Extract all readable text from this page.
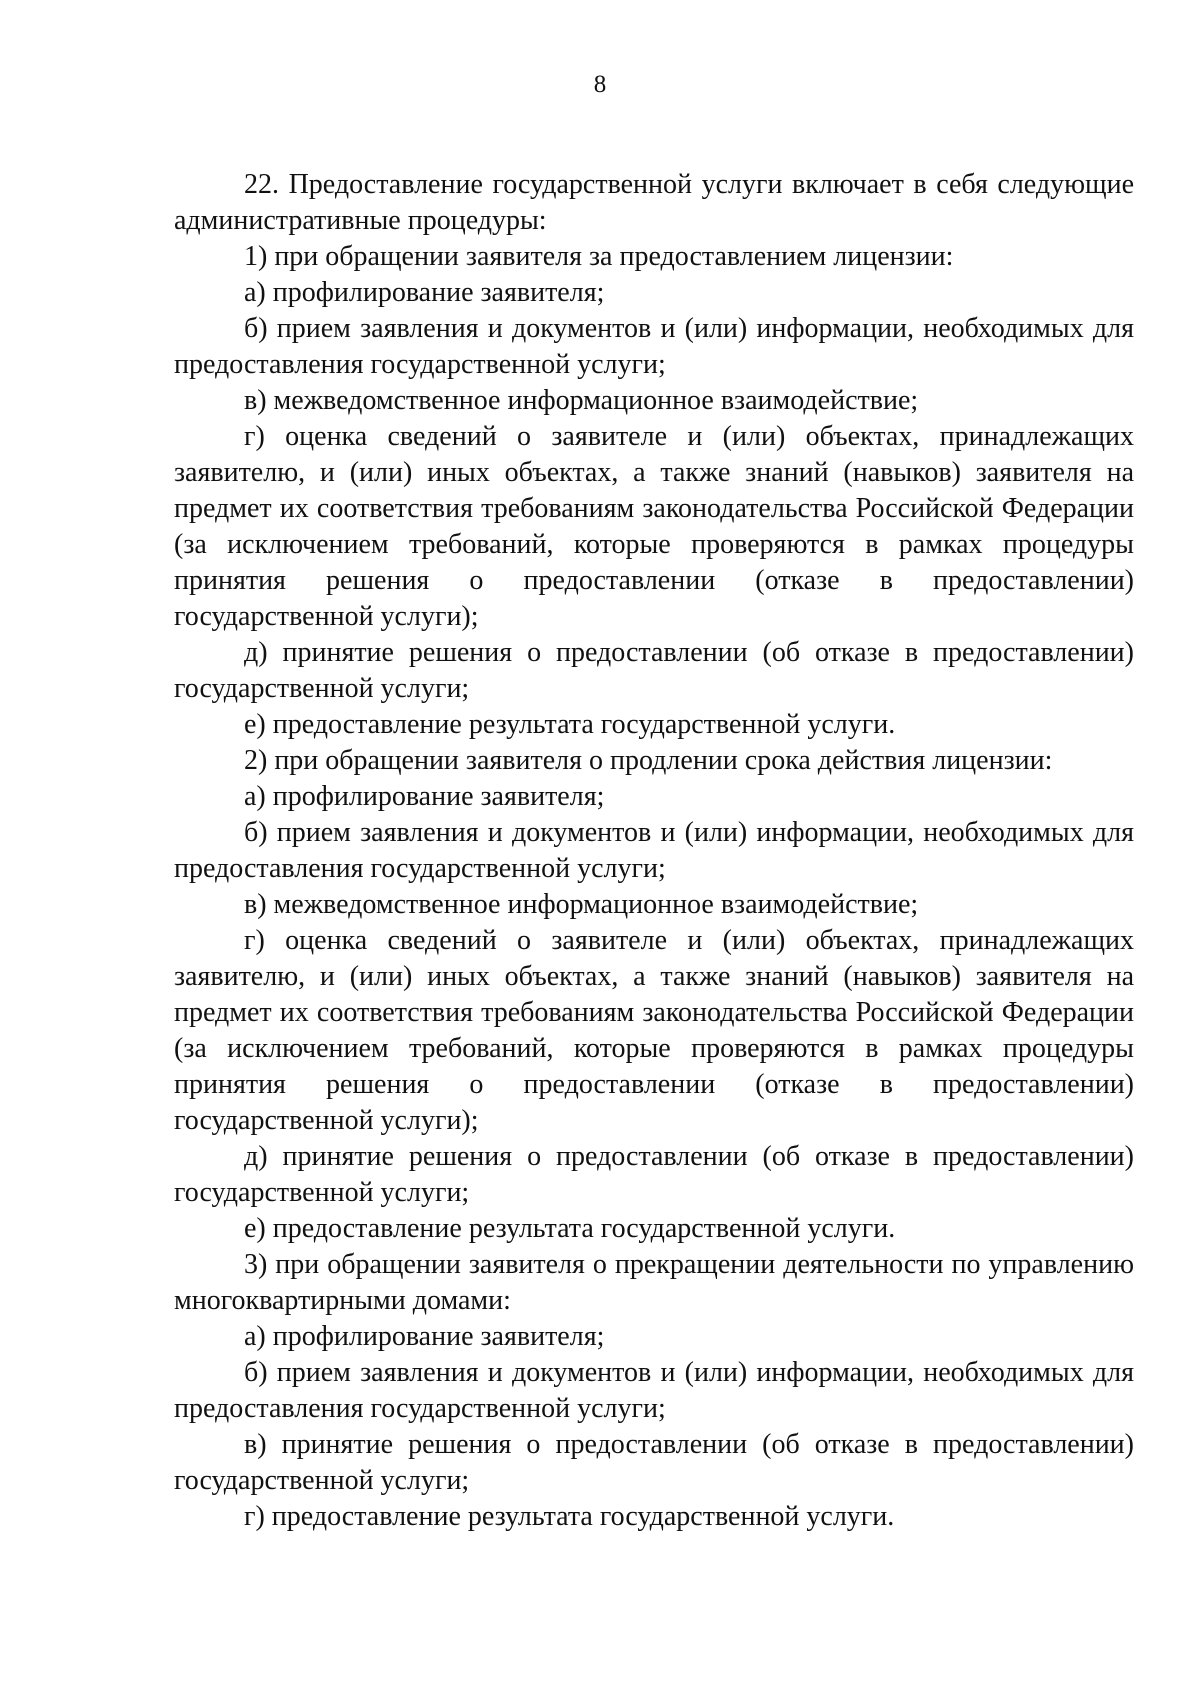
8

22. Предоставление государственной услуги включает в себя следующие административные процедуры:

1) при обращении заявителя за предоставлением лицензии:

а) профилирование заявителя;

б) прием заявления и документов и (или) информации, необходимых для предоставления государственной услуги;

в) межведомственное информационное взаимодействие;

г) оценка сведений о заявителе и (или) объектах, принадлежащих заявителю, и (или) иных объектах, а также знаний (навыков) заявителя на предмет их соответствия требованиям законодательства Российской Федерации (за исключением требований, которые проверяются в рамках процедуры принятия решения о предоставлении (отказе в предоставлении) государственной услуги);

д) принятие решения о предоставлении (об отказе в предоставлении) государственной услуги;

е) предоставление результата государственной услуги.

2) при обращении заявителя о продлении срока действия лицензии:

а) профилирование заявителя;

б) прием заявления и документов и (или) информации, необходимых для предоставления государственной услуги;

в) межведомственное информационное взаимодействие;

г) оценка сведений о заявителе и (или) объектах, принадлежащих заявителю, и (или) иных объектах, а также знаний (навыков) заявителя на предмет их соответствия требованиям законодательства Российской Федерации (за исключением требований, которые проверяются в рамках процедуры принятия решения о предоставлении (отказе в предоставлении) государственной услуги);

д) принятие решения о предоставлении (об отказе в предоставлении) государственной услуги;

е) предоставление результата государственной услуги.

3) при обращении заявителя о прекращении деятельности по управлению многоквартирными домами:

а) профилирование заявителя;

б) прием заявления и документов и (или) информации, необходимых для предоставления государственной услуги;

в) принятие решения о предоставлении (об отказе в предоставлении) государственной услуги;

г) предоставление результата государственной услуги.
